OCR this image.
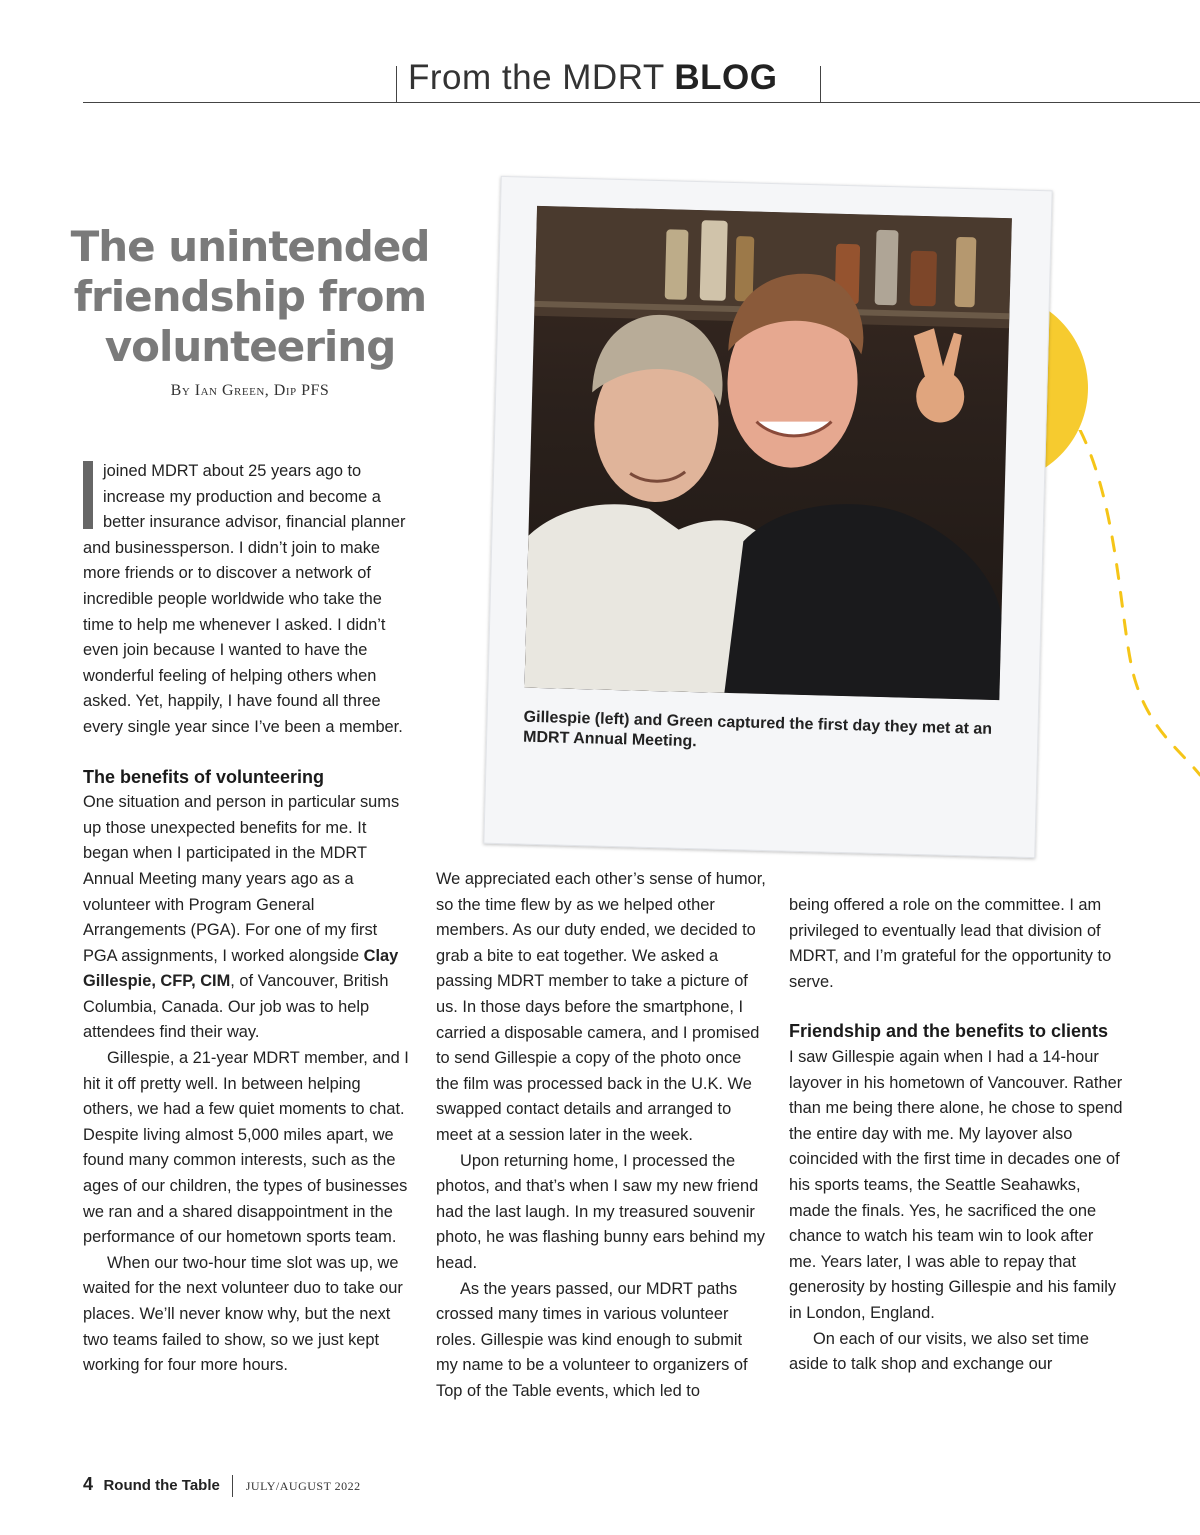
From the MDRT BLOG
The unintended friendship from volunteering
By Ian Green, Dip PFS
Gillespie (left) and Green captured the first day they met at an MDRT Annual Meeting.

joined MDRT about 25 years ago to increase my production and become a better insurance advisor, financial planner and businessperson. I didn’t join to make more friends or to discover a network of incredible people worldwide who take the time to help me whenever I asked. I didn’t even join because I wanted to have the wonderful feeling of helping others when asked. Yet, happily, I have found all three every single year since I’ve been a member.

The benefits of volunteering

One situation and person in particular sums up those unexpected benefits for me. It began when I participated in the MDRT Annual Meeting many years ago as a volunteer with Program General Arrangements (PGA). For one of my first PGA assignments, I worked alongside Clay Gillespie, CFP, CIM, of Vancouver, British Columbia, Canada. Our job was to help attendees find their way.

Gillespie, a 21-year MDRT member, and I hit it off pretty well. In between helping others, we had a few quiet moments to chat. Despite living almost 5,000 miles apart, we found many common interests, such as the ages of our children, the types of businesses we ran and a shared disappointment in the performance of our hometown sports team.

When our two-hour time slot was up, we waited for the next volunteer duo to take our places. We’ll never know why, but the next two teams failed to show, so we just kept working for four more hours.

We appreciated each other’s sense of humor, so the time flew by as we helped other members. As our duty ended, we decided to grab a bite to eat together. We asked a passing MDRT member to take a picture of us. In those days before the smartphone, I carried a disposable camera, and I promised to send Gillespie a copy of the photo once the film was processed back in the U.K. We swapped contact details and arranged to meet at a session later in the week.

Upon returning home, I processed the photos, and that’s when I saw my new friend had the last laugh. In my treasured souvenir photo, he was flashing bunny ears behind my head.

As the years passed, our MDRT paths crossed many times in various volunteer roles. Gillespie was kind enough to submit my name to be a volunteer to organizers of Top of the Table events, which led to

being offered a role on the committee. I am privileged to eventually lead that division of MDRT, and I’m grateful for the opportunity to serve.

Friendship and the benefits to clients

I saw Gillespie again when I had a 14-hour layover in his hometown of Vancouver. Rather than me being there alone, he chose to spend the entire day with me. My layover also coincided with the first time in decades one of his sports teams, the Seattle Seahawks, made the finals. Yes, he sacrificed the one chance to watch his team win to look after me. Years later, I was able to repay that generosity by hosting Gillespie and his family in London, England.

On each of our visits, we also set time aside to talk shop and exchange our

4 Round the Table JULY/AUGUST 2022
